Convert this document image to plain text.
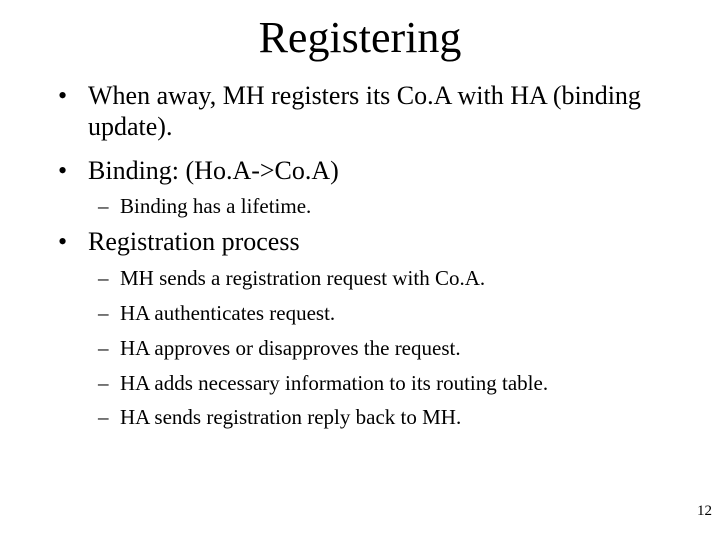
Registering
• When away, MH registers its Co.A with HA (binding update).
• Binding: (Ho.A->Co.A)
– Binding has a lifetime.
• Registration process
– MH sends a registration request with Co.A.
– HA authenticates request.
– HA approves or disapproves the request.
– HA adds necessary information to its routing table.
– HA sends registration reply back to MH.
12
